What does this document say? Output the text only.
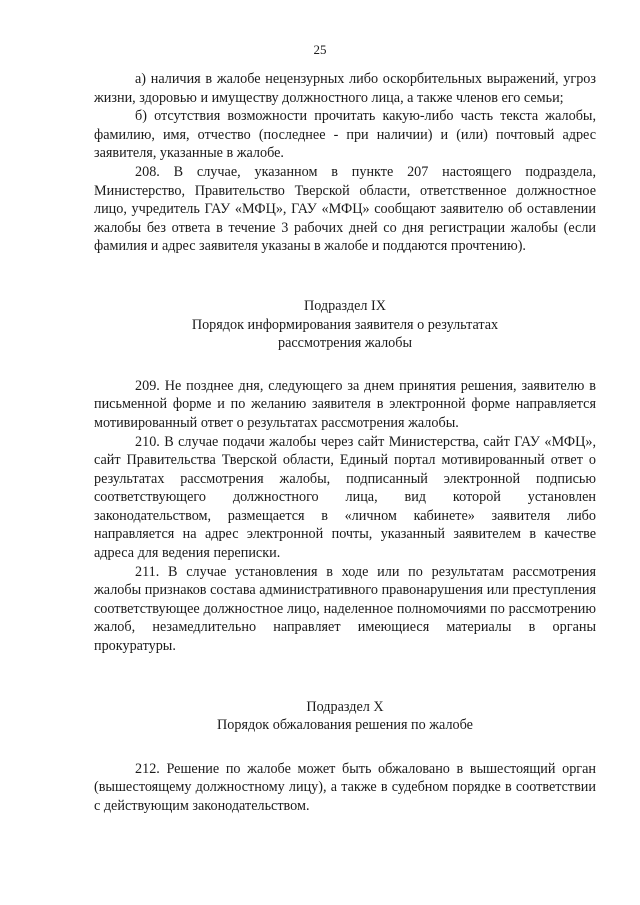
25

а) наличия в жалобе нецензурных либо оскорбительных выражений, угроз жизни, здоровью и имуществу должностного лица, а также членов его семьи;

б) отсутствия возможности прочитать какую-либо часть текста жалобы, фамилию, имя, отчество (последнее - при наличии) и (или) почтовый адрес заявителя, указанные в жалобе.

208. В случае, указанном в пункте 207 настоящего подраздела, Министерство, Правительство Тверской области, ответственное должностное лицо, учредитель ГАУ «МФЦ», ГАУ «МФЦ» сообщают заявителю об оставлении жалобы без ответа в течение 3 рабочих дней со дня регистрации жалобы (если фамилия и адрес заявителя указаны в жалобе и поддаются прочтению).

Подраздел IX
Порядок информирования заявителя о результатах
рассмотрения жалобы

209. Не позднее дня, следующего за днем принятия решения, заявителю в письменной форме и по желанию заявителя в электронной форме направляется мотивированный ответ о результатах рассмотрения жалобы.

210. В случае подачи жалобы через сайт Министерства, сайт ГАУ «МФЦ», сайт Правительства Тверской области, Единый портал мотивированный ответ о результатах рассмотрения жалобы, подписанный электронной подписью соответствующего должностного лица, вид которой установлен законодательством, размещается в «личном кабинете» заявителя либо направляется на адрес электронной почты, указанный заявителем в качестве адреса для ведения переписки.

211. В случае установления в ходе или по результатам рассмотрения жалобы признаков состава административного правонарушения или преступления соответствующее должностное лицо, наделенное полномочиями по рассмотрению жалоб, незамедлительно направляет имеющиеся материалы в органы прокуратуры.

Подраздел X
Порядок обжалования решения по жалобе

212. Решение по жалобе может быть обжаловано в вышестоящий орган (вышестоящему должностному лицу), а также в судебном порядке в соответствии с действующим законодательством.
